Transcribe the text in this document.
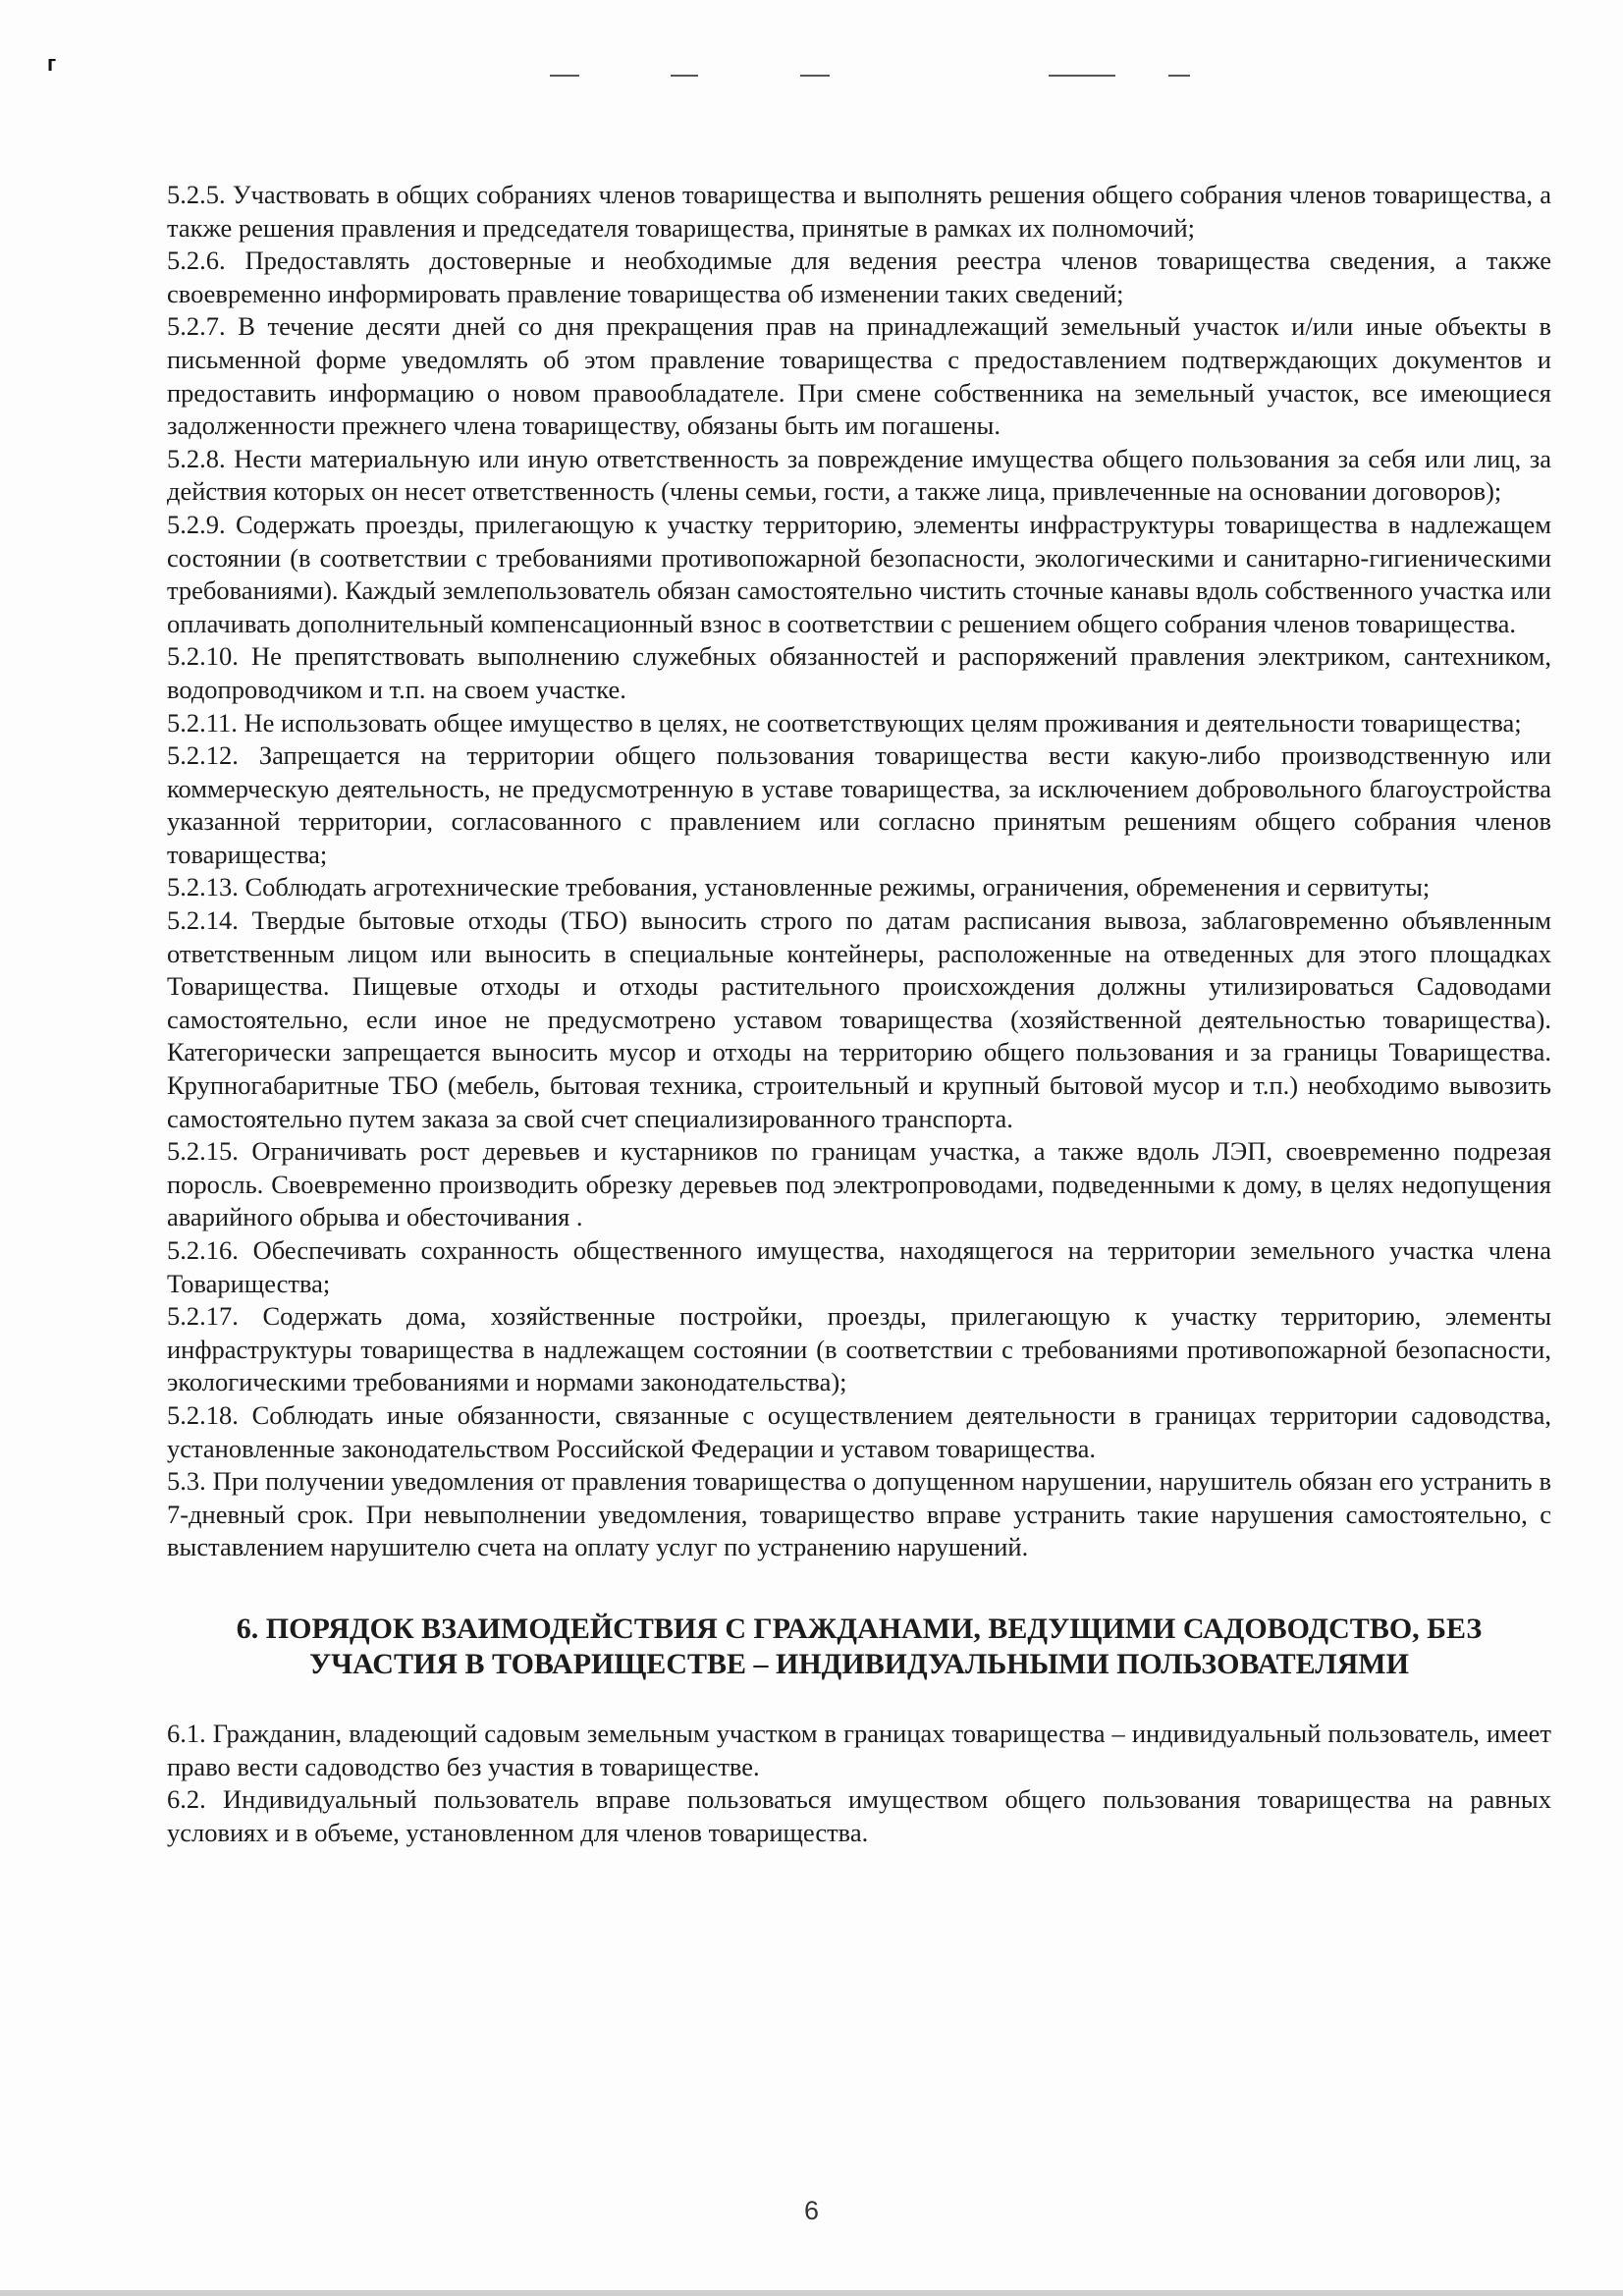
г

5.2.5. Участвовать в общих собраниях членов товарищества и выполнять решения общего собрания членов товарищества, а также решения правления и председателя товарищества, принятые в рамках их полномочий;

5.2.6. Предоставлять достоверные и необходимые для ведения реестра членов товарищества сведения, а также своевременно информировать правление товарищества об изменении таких сведений;

5.2.7. В течение десяти дней со дня прекращения прав на принадлежащий земельный участок и/или иные объекты в письменной форме уведомлять об этом правление товарищества с предоставлением подтверждающих документов и предоставить информацию о новом правообладателе. При смене собственника на земельный участок, все имеющиеся задолженности прежнего члена товариществу, обязаны быть им погашены.

5.2.8. Нести материальную или иную ответственность за повреждение имущества общего пользования за себя или лиц, за действия которых он несет ответственность (члены семьи, гости, а также лица, привлеченные на основании договоров);

5.2.9. Содержать проезды, прилегающую к участку территорию, элементы инфраструктуры товарищества в надлежащем состоянии (в соответствии с требованиями противопожарной безопасности, экологическими и санитарно-гигиеническими требованиями). Каждый землепользователь обязан самостоятельно чистить сточные канавы вдоль собственного участка или оплачивать дополнительный компенсационный взнос в соответствии с решением общего собрания членов товарищества.

5.2.10. Не препятствовать выполнению служебных обязанностей и распоряжений правления электриком, сантехником, водопроводчиком и т.п. на своем участке.

5.2.11. Не использовать общее имущество в целях, не соответствующих целям проживания и деятельности товарищества;

5.2.12. Запрещается на территории общего пользования товарищества вести какую-либо производственную или коммерческую деятельность, не предусмотренную в уставе товарищества, за исключением добровольного благоустройства указанной территории, согласованного с правлением или согласно принятым решениям общего собрания членов товарищества;

5.2.13. Соблюдать агротехнические требования, установленные режимы, ограничения, обременения и сервитуты;

5.2.14. Твердые бытовые отходы (ТБО) выносить строго по датам расписания вывоза, заблаговременно объявленным ответственным лицом или выносить в специальные контейнеры, расположенные на отведенных для этого площадках Товарищества. Пищевые отходы и отходы растительного происхождения должны утилизироваться Садоводами самостоятельно, если иное не предусмотрено уставом товарищества (хозяйственной деятельностью товарищества). Категорически запрещается выносить мусор и отходы на территорию общего пользования и за границы Товарищества. Крупногабаритные ТБО (мебель, бытовая техника, строительный и крупный бытовой мусор и т.п.) необходимо вывозить самостоятельно путем заказа за свой счет специализированного транспорта.

5.2.15. Ограничивать рост деревьев и кустарников по границам участка, а также вдоль ЛЭП, своевременно подрезая поросль. Своевременно производить обрезку деревьев под электропроводами, подведенными к дому, в целях недопущения аварийного обрыва и обесточивания .

5.2.16. Обеспечивать сохранность общественного имущества, находящегося на территории земельного участка члена Товарищества;

5.2.17. Содержать дома, хозяйственные постройки, проезды, прилегающую к участку территорию, элементы инфраструктуры товарищества в надлежащем состоянии (в соответствии с требованиями противопожарной безопасности, экологическими требованиями и нормами законодательства);

5.2.18. Соблюдать иные обязанности, связанные с осуществлением деятельности в границах территории садоводства, установленные законодательством Российской Федерации и уставом товарищества.

5.3. При получении уведомления от правления товарищества о допущенном нарушении, нарушитель обязан его устранить в 7-дневный срок. При невыполнении уведомления, товарищество вправе устранить такие нарушения самостоятельно, с выставлением нарушителю счета на оплату услуг по устранению нарушений.

6. ПОРЯДОК ВЗАИМОДЕЙСТВИЯ С ГРАЖДАНАМИ, ВЕДУЩИМИ САДОВОДСТВО, БЕЗ
УЧАСТИЯ В ТОВАРИЩЕСТВЕ – ИНДИВИДУАЛЬНЫМИ ПОЛЬЗОВАТЕЛЯМИ

6.1. Гражданин, владеющий садовым земельным участком в границах товарищества – индивидуальный пользователь, имеет право вести садоводство без участия в товариществе.

6.2. Индивидуальный пользователь вправе пользоваться имуществом общего пользования товарищества на равных условиях и в объеме, установленном для членов товарищества.

6
